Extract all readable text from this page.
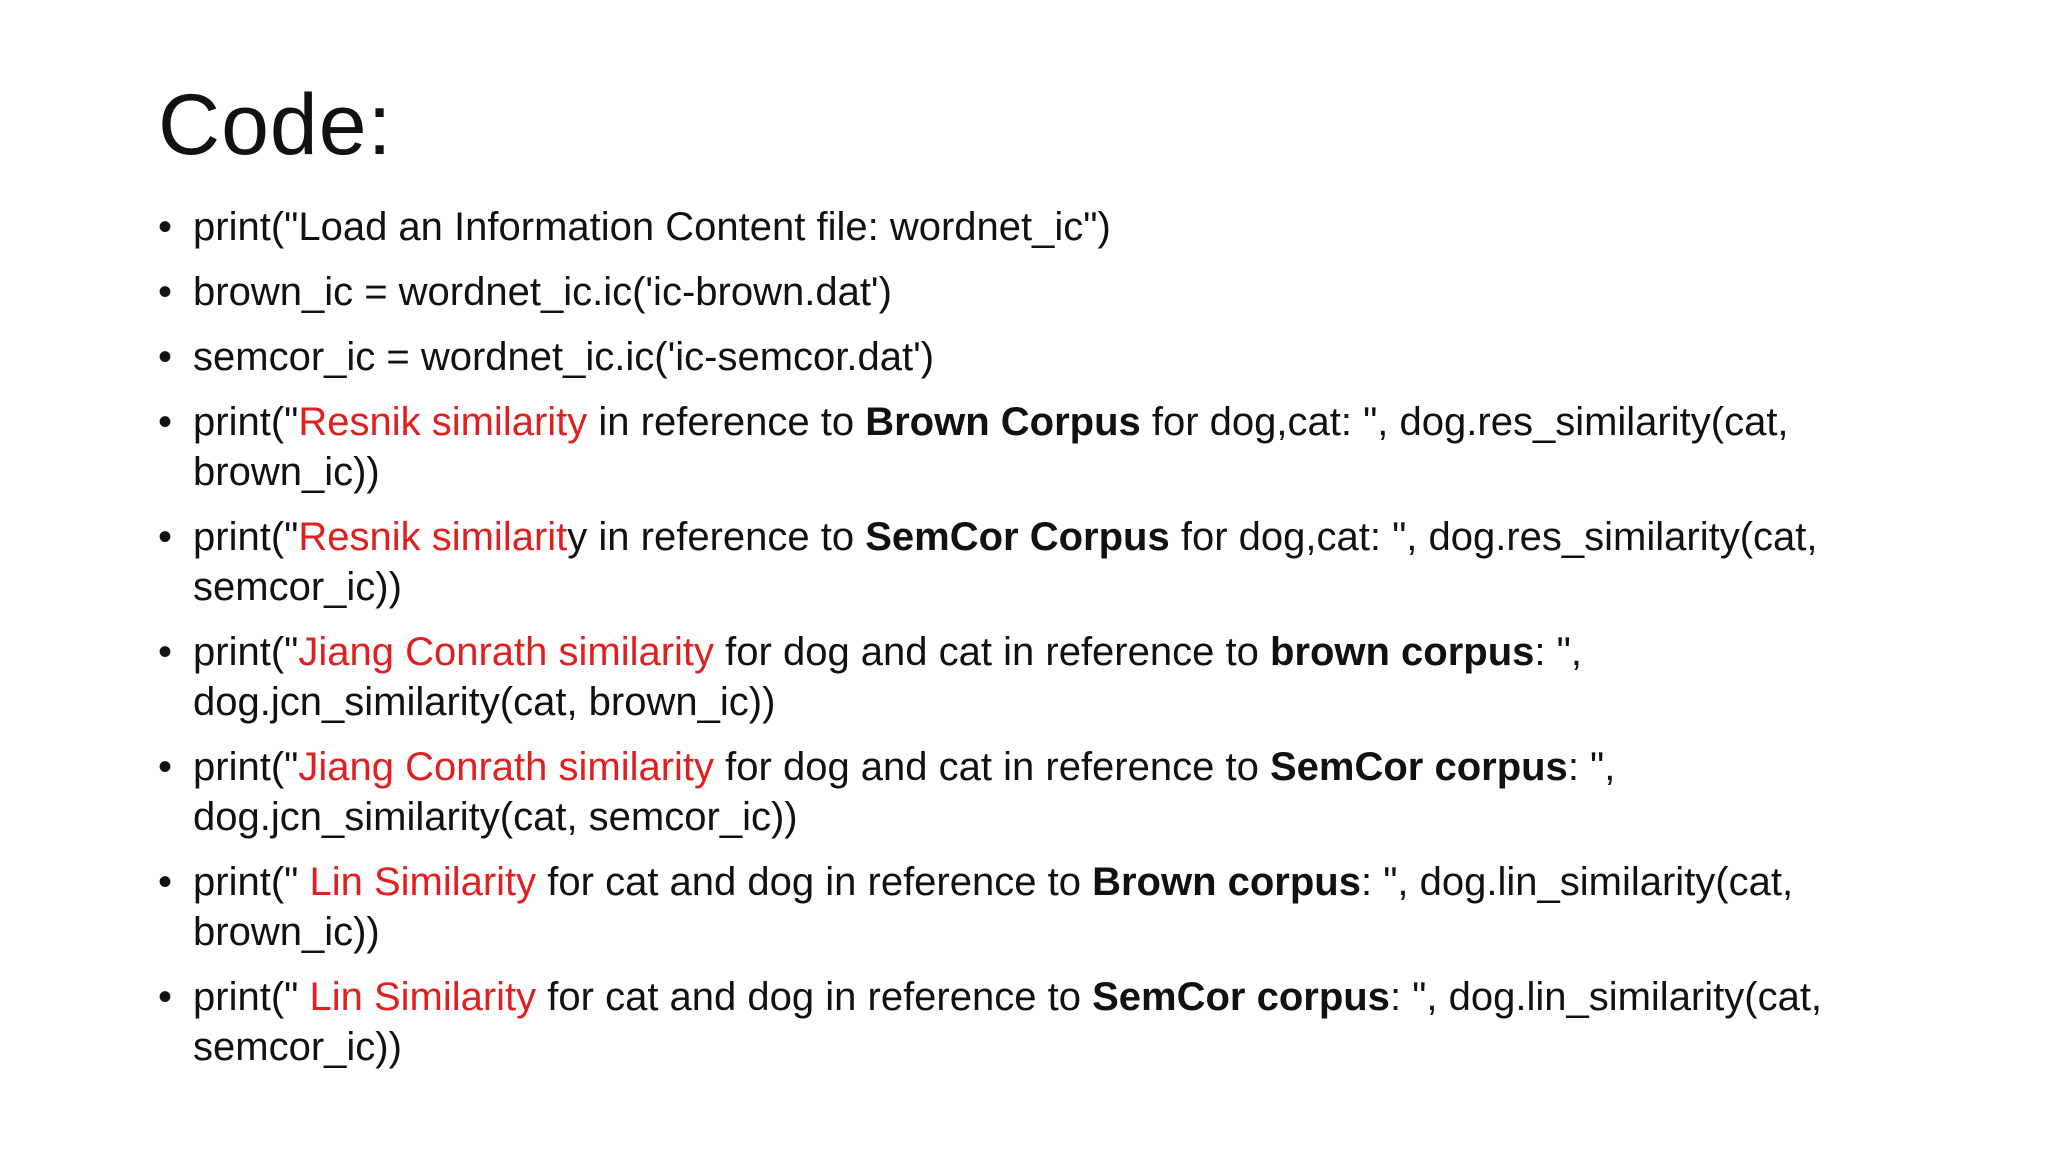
Code:
• print("Load an Information Content file: wordnet_ic")
• brown_ic = wordnet_ic.ic('ic-brown.dat')
• semcor_ic = wordnet_ic.ic('ic-semcor.dat')
• print("Resnik similarity in reference to Brown Corpus for dog,cat: ", dog.res_similarity(cat, brown_ic))
• print("Resnik similarity in reference to SemCor Corpus for dog,cat: ", dog.res_similarity(cat, semcor_ic))
• print("Jiang Conrath similarity for dog and cat in reference to brown corpus: ", dog.jcn_similarity(cat, brown_ic))
• print("Jiang Conrath similarity for dog and cat in reference to SemCor corpus: ", dog.jcn_similarity(cat, semcor_ic))
• print(" Lin Similarity for cat and dog in reference to Brown corpus: ", dog.lin_similarity(cat, brown_ic))
• print(" Lin Similarity for cat and dog in reference to SemCor corpus: ", dog.lin_similarity(cat, semcor_ic))
